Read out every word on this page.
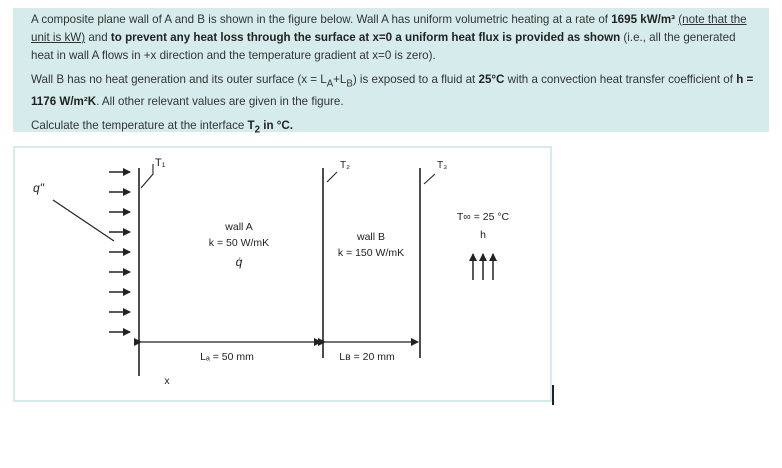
A composite plane wall of A and B is shown in the figure below. Wall A has uniform volumetric heating at a rate of 1695 kW/m³ (note that the unit is kW) and to prevent any heat loss through the surface at x=0 a uniform heat flux is provided as shown (i.e., all the generated heat in wall A flows in +x direction and the temperature gradient at x=0 is zero).

Wall B has no heat generation and its outer surface $(x = L_A+L_B)$ is exposed to a fluid at 25°C with a convection heat transfer coefficient of h = 1176 W/m²K. All other relevant values are given in the figure.

Calculate the temperature at the interface $T_2$ in °C.

q"
T₁	T₂	T₃
wall A
k = 50 W/mK
q̇
wall B
k = 150 W/mK
T∞ = 25 °C
h
Lₐ = 50 mm	Lв = 20 mm
x
